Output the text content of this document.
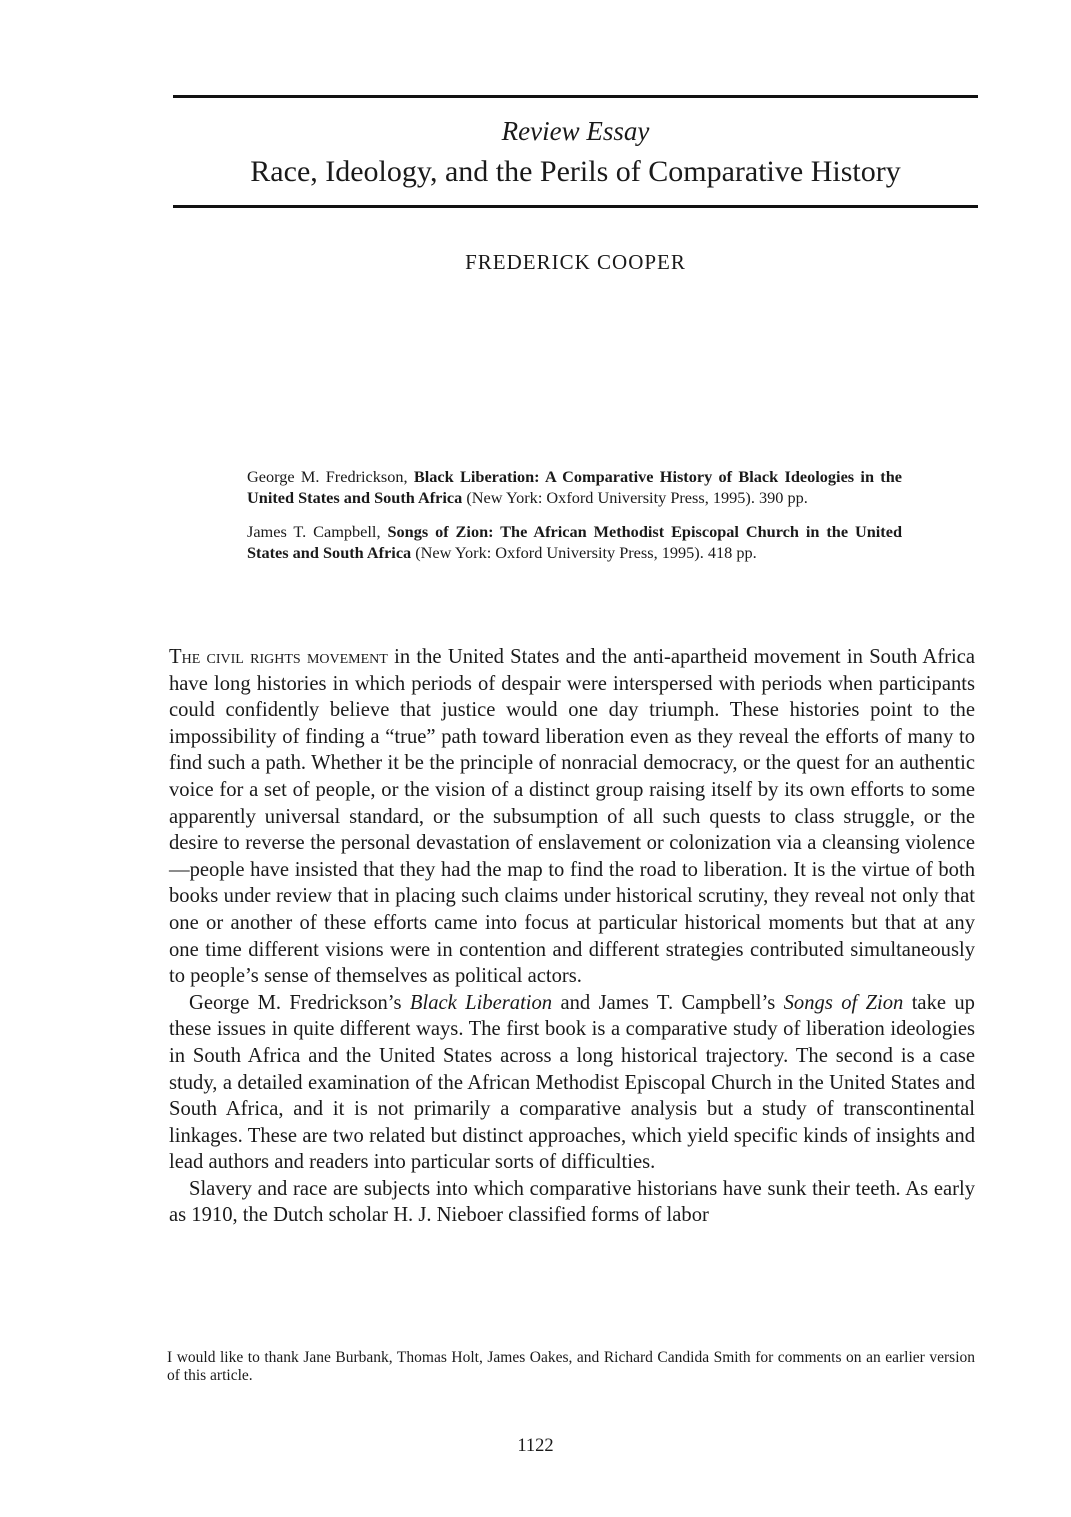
Review Essay
Race, Ideology, and the Perils of Comparative History
FREDERICK COOPER

George M. Fredrickson, Black Liberation: A Comparative History of Black Ideologies in the United States and South Africa (New York: Oxford University Press, 1995). 390 pp.

James T. Campbell, Songs of Zion: The African Methodist Episcopal Church in the United States and South Africa (New York: Oxford University Press, 1995). 418 pp.

The civil rights movement in the United States and the anti-apartheid movement in South Africa have long histories in which periods of despair were interspersed with periods when participants could confidently believe that justice would one day triumph. These histories point to the impossibility of finding a “true” path toward liberation even as they reveal the efforts of many to find such a path. Whether it be the principle of nonracial democracy, or the quest for an authentic voice for a set of people, or the vision of a distinct group raising itself by its own efforts to some apparently universal standard, or the subsumption of all such quests to class struggle, or the desire to reverse the personal devastation of enslavement or colonization via a cleansing violence—people have insisted that they had the map to find the road to liberation. It is the virtue of both books under review that in placing such claims under historical scrutiny, they reveal not only that one or another of these efforts came into focus at particular historical moments but that at any one time different visions were in contention and different strategies contributed simultaneously to people’s sense of themselves as political actors.

George M. Fredrickson’s Black Liberation and James T. Campbell’s Songs of Zion take up these issues in quite different ways. The first book is a comparative study of liberation ideologies in South Africa and the United States across a long historical trajectory. The second is a case study, a detailed examination of the African Methodist Episcopal Church in the United States and South Africa, and it is not primarily a comparative analysis but a study of transcontinental linkages. These are two related but distinct approaches, which yield specific kinds of insights and lead authors and readers into particular sorts of difficulties.

Slavery and race are subjects into which comparative historians have sunk their teeth. As early as 1910, the Dutch scholar H. J. Nieboer classified forms of labor

I would like to thank Jane Burbank, Thomas Holt, James Oakes, and Richard Candida Smith for comments on an earlier version of this article.
1122
